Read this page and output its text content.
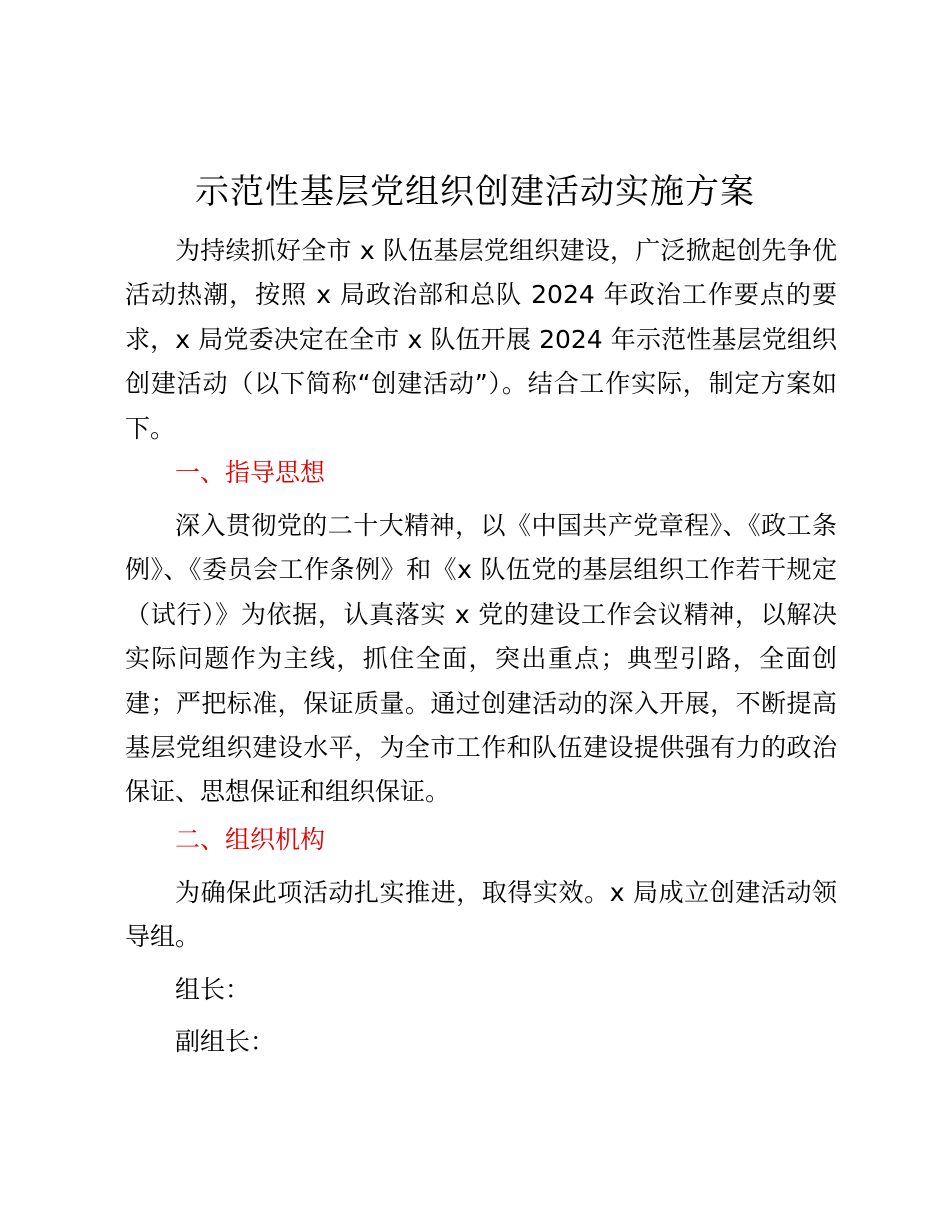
示范性基层党组织创建活动实施方案

为持续抓好全市 x 队伍基层党组织建设，广泛掀起创先争优活动热潮，按照 x 局政治部和总队 2024 年政治工作要点的要求，x 局党委决定在全市 x 队伍开展 2024 年示范性基层党组织创建活动（以下简称“创建活动”）。结合工作实际，制定方案如下。

一、指导思想

深入贯彻党的二十大精神，以《中国共产党章程》、《政工条例》、《委员会工作条例》和《x 队伍党的基层组织工作若干规定（试行）》为依据，认真落实 x 党的建设工作会议精神，以解决实际问题作为主线，抓住全面，突出重点；典型引路，全面创建；严把标准，保证质量。通过创建活动的深入开展，不断提高基层党组织建设水平，为全市工作和队伍建设提供强有力的政治保证、思想保证和组织保证。

二、组织机构

为确保此项活动扎实推进，取得实效。x 局成立创建活动领导组。

组长：

副组长：
